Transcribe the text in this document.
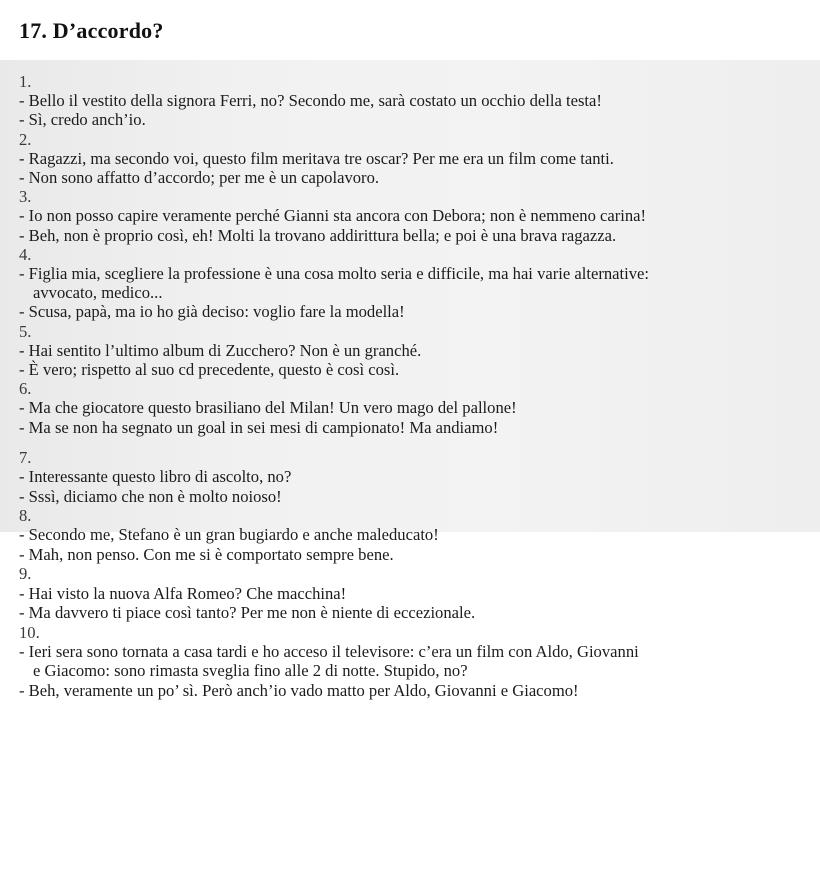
17. D’accordo?
1.
- Bello il vestito della signora Ferri, no? Secondo me, sarà costato un occhio della testa!
- Sì, credo anch’io.
2.
- Ragazzi, ma secondo voi, questo film meritava tre oscar? Per me era un film come tanti.
- Non sono affatto d’accordo; per me è un capolavoro.
3.
- Io non posso capire veramente perché Gianni sta ancora con Debora; non è nemmeno carina!
- Beh, non è proprio così, eh! Molti la trovano addirittura bella; e poi è una brava ragazza.
4.
- Figlia mia, scegliere la professione è una cosa molto seria e difficile, ma hai varie alternative:
avvocato, medico...
- Scusa, papà, ma io ho già deciso: voglio fare la modella!
5.
- Hai sentito l’ultimo album di Zucchero? Non è un granché.
- È vero; rispetto al suo cd precedente, questo è così così.
6.
- Ma che giocatore questo brasiliano del Milan! Un vero mago del pallone!
- Ma se non ha segnato un goal in sei mesi di campionato! Ma andiamo!
7.
- Interessante questo libro di ascolto, no?
- Sssì, diciamo che non è molto noioso!
8.
- Secondo me, Stefano è un gran bugiardo e anche maleducato!
- Mah, non penso. Con me si è comportato sempre bene.
9.
- Hai visto la nuova Alfa Romeo? Che macchina!
- Ma davvero ti piace così tanto? Per me non è niente di eccezionale.
10.
- Ieri sera sono tornata a casa tardi e ho acceso il televisore: c’era un film con Aldo, Giovanni
e Giacomo: sono rimasta sveglia fino alle 2 di notte. Stupido, no?
- Beh, veramente un po’ sì. Però anch’io vado matto per Aldo, Giovanni e Giacomo!
